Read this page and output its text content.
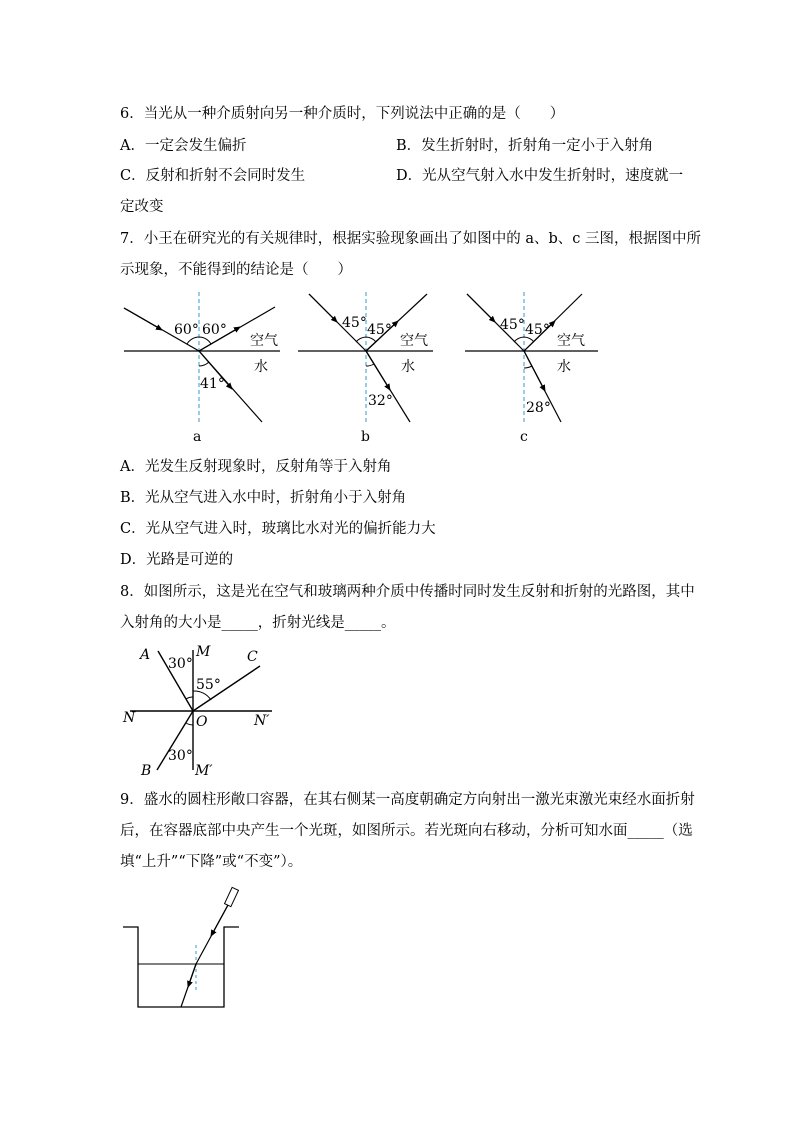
6．当光从一种介质射向另一种介质时，下列说法中正确的是（　　）
A．一定会发生偏折	B．发生折射时，折射角一定小于入射角
C．反射和折射不会同时发生	D．光从空气射入水中发生折射时，速度就一
定改变
7．小王在研究光的有关规律时，根据实验现象画出了如图中的 a、b、c 三图，根据图中所
示现象，不能得到的结论是（　　）
60° 60°
41°
空气
水
a
45° 45°
32°
空气
水
b
45° 45°
28°
空气
水
c
A．光发生反射现象时，反射角等于入射角
B．光从空气进入水中时，折射角小于入射角
C．光从空气进入时，玻璃比水对光的偏折能力大
D．光路是可逆的
8．如图所示，这是光在空气和玻璃两种介质中传播时同时发生反射和折射的光路图，其中
入射角的大小是_____，折射光线是_____。
A	M	C
30°
55°
N	O	N′
30°
B	M′
9．盛水的圆柱形敞口容器，在其右侧某一高度朝确定方向射出一激光束激光束经水面折射
后，在容器底部中央产生一个光斑，如图所示。若光斑向右移动，分析可知水面_____（选
填“上升”“下降”或“不变”）。
